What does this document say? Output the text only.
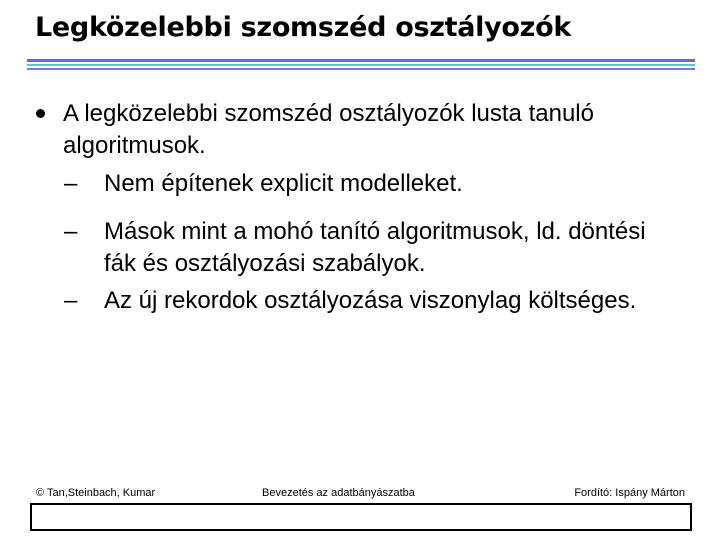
Legközelebbi szomszéd osztályozók
A legközelebbi szomszéd osztályozók lusta tanuló algoritmusok.
–	Nem építenek explicit modelleket.
–	Mások mint a mohó tanító algoritmusok, ld. döntési fák és osztályozási szabályok.
–	Az új rekordok osztályozása viszonylag költséges.
© Tan,Steinbach, Kumar	Bevezetés az adatbányászatba	Fordító: Ispány Márton
